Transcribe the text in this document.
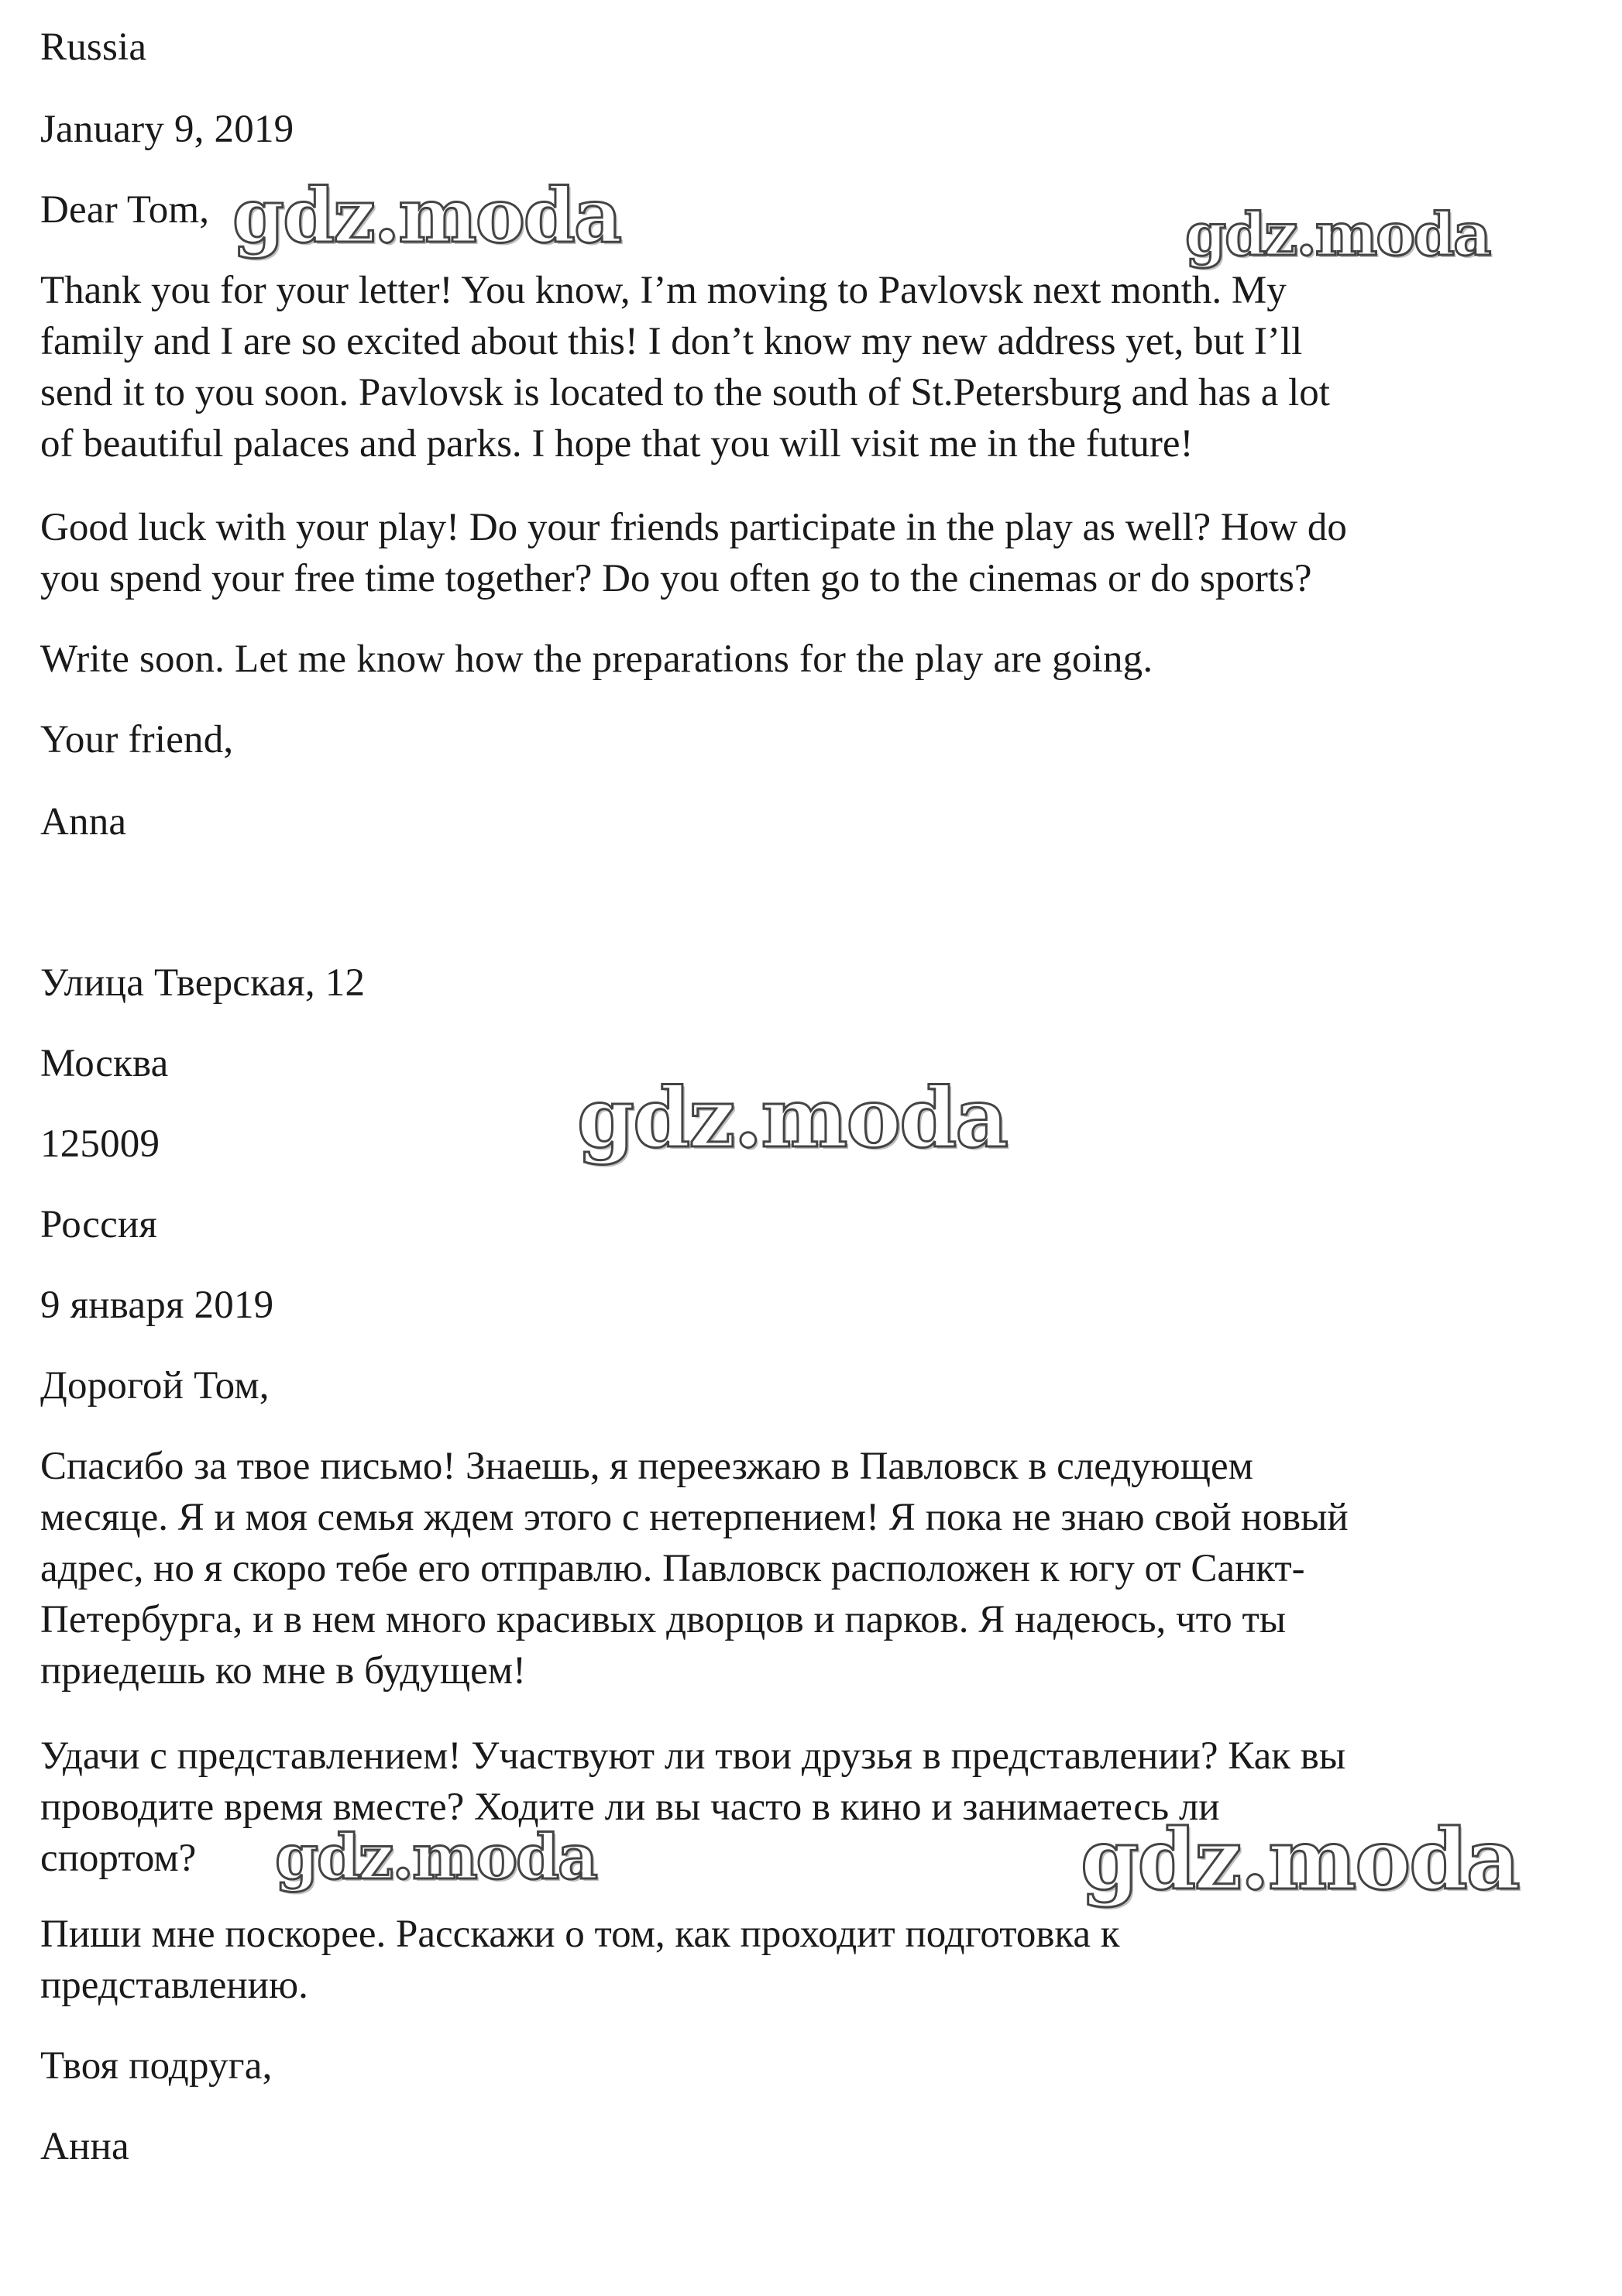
Russia
January 9, 2019
Dear Tom,
Thank you for your letter! You know, I’m moving to Pavlovsk next month. My
family and I are so excited about this! I don’t know my new address yet, but I’ll
send it to you soon. Pavlovsk is located to the south of St.Petersburg and has a lot
of beautiful palaces and parks. I hope that you will visit me in the future!
Good luck with your play! Do your friends participate in the play as well? How do
you spend your free time together? Do you often go to the cinemas or do sports?
Write soon. Let me know how the preparations for the play are going.
Your friend,
Anna
Улица Тверская, 12
Москва
125009
Россия
9 января 2019
Дорогой Том,
Спасибо за твое письмо! Знаешь, я переезжаю в Павловск в следующем
месяце. Я и моя семья ждем этого с нетерпением! Я пока не знаю свой новый
адрес, но я скоро тебе его отправлю. Павловск расположен к югу от Санкт-
Петербурга, и в нем много красивых дворцов и парков. Я надеюсь, что ты
приедешь ко мне в будущем!
Удачи с представлением! Участвуют ли твои друзья в представлении? Как вы
проводите время вместе? Ходите ли вы часто в кино и занимаетесь ли
спортом?
Пиши мне поскорее. Расскажи о том, как проходит подготовка к
представлению.
Твоя подруга,
Анна
gdz.moda	gdz.moda
gdz.moda
gdz.moda	gdz.moda
